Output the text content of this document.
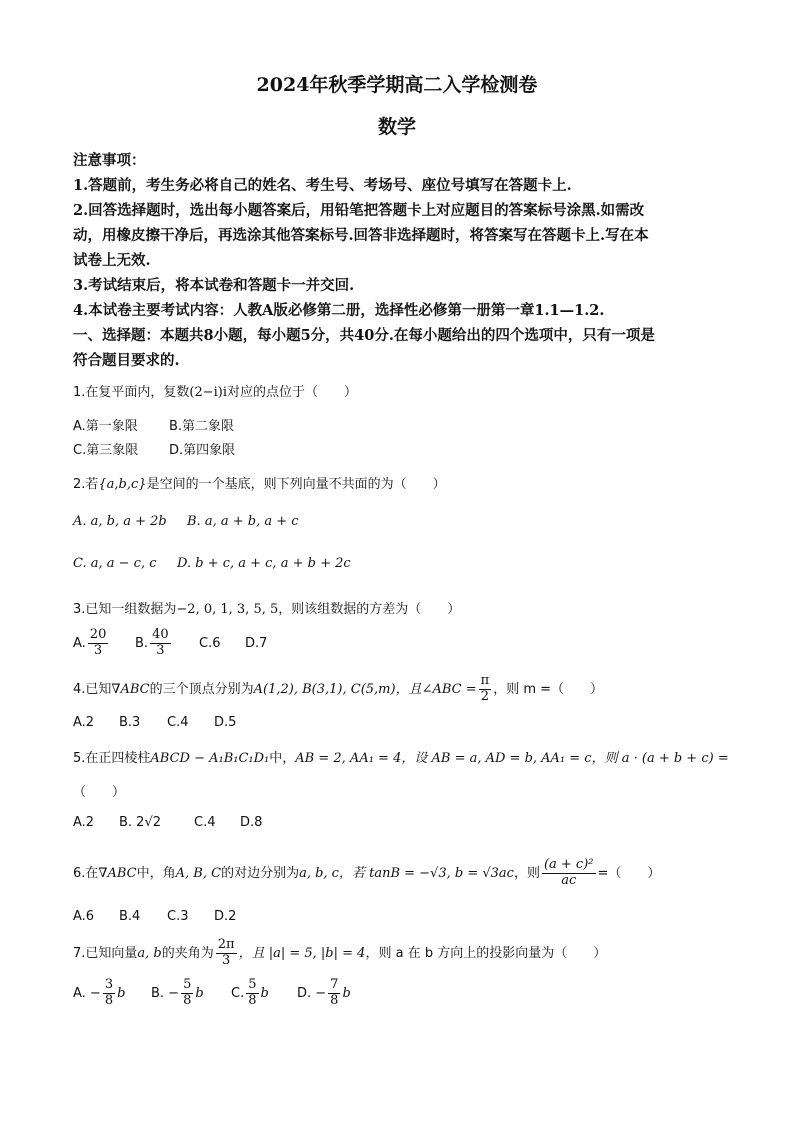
2024年秋季学期高二入学检测卷
数学
注意事项：
1.答题前，考生务必将自己的姓名、考生号、考场号、座位号填写在答题卡上.
2.回答选择题时，选出每小题答案后，用铅笔把答题卡上对应题目的答案标号涂黑.如需改
动，用橡皮擦干净后，再选涂其他答案标号.回答非选择题时，将答案写在答题卡上.写在本
试卷上无效.
3.考试结束后，将本试卷和答题卡一并交回.
4.本试卷主要考试内容：人教A版必修第二册，选择性必修第一册第一章1.1—1.2.
一、选择题：本题共8小题，每小题5分，共40分.在每小题给出的四个选项中，只有一项是
符合题目要求的.
1.在复平面内，复数(2−i)i对应的点位于（　　）
A.第一象限 B.第二象限
C.第三象限 D.第四象限
2.若{a,b,c}是空间的一个基底，则下列向量不共面的为（　　）
A. a, b, a + 2b B. a, a + b, a + c
C. a, a − c, c D. b + c, a + c, a + b + 2c
3.已知一组数据为−2, 0, 1, 3, 5, 5，则该组数据的方差为（　　）
A. $\frac{20}{3} B$. $\frac{40}{3} C.6$ D.7
4.已知∇ABC的三个顶点分别为A(1,2), B(3,1), C(5,m)，且∠ABC = $\frac{\pi}{2}$ ，则 m =（　　）
A.2 B.3 C.4 D.5
5.在正四棱柱ABCD − A₁B₁C₁D₁中，AB = 2, AA₁ = 4，设 AB = a, AD = b, AA₁ = c，则 a · (a + b + c) =
（　　）
A.2 B. 2√2	C.4 D.8
6.在∇ABC中，角A, B, C的对边分别为a, b, c，若 tanB = −√3, b = √3ac，则 $\frac{\text{(a + c)²}}{ac}$ =（　　）
A.6 B.4 C.3 D.2
7.已知向量a, b的夹角为 $\frac{2\pi}{3}$ ，且 |a| = 5, |b| = 4，则 a 在 b 方向上的投影向量为（　　）
A. − $\frac{3}{8}$ b B. − $\frac{5}{8}$ b C. $\frac{5}{8}$ b D. − $\frac{7}{8}$ b
